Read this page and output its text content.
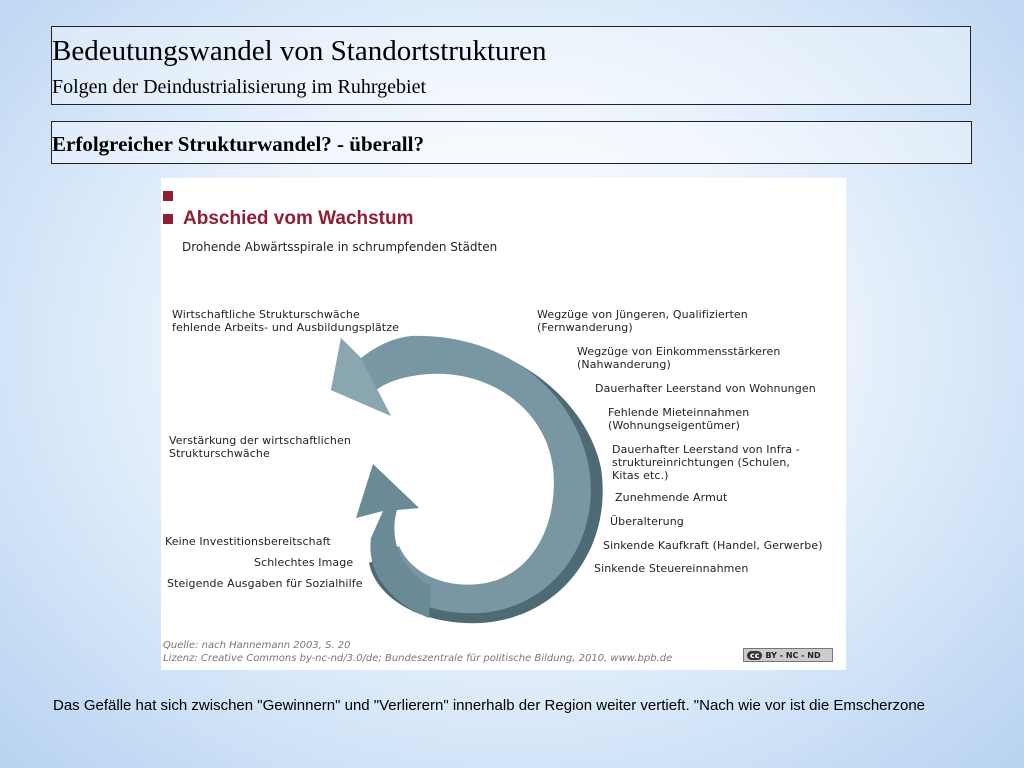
Bedeutungswandel von Standortstrukturen
Folgen der Deindustrialisierung im Ruhrgebiet
Erfolgreicher Strukturwandel? - überall?
Abschied vom Wachstum
Drohende Abwärtsspirale in schrumpfenden Städten
Wirtschaftliche Strukturschwäche
fehlende Arbeits- und Ausbildungsplätze
Verstärkung der wirtschaftlichen
Strukturschwäche
Keine Investitionsbereitschaft
Schlechtes Image
Steigende Ausgaben für Sozialhilfe
Wegzüge von Jüngeren, Qualifizierten
(Fernwanderung)
Wegzüge von Einkommensstärkeren
(Nahwanderung)
Dauerhafter Leerstand von Wohnungen
Fehlende Mieteinnahmen
(Wohnungseigentümer)
Dauerhafter Leerstand von Infra -
struktureinrichtungen (Schulen,
Kitas etc.)
Zunehmende Armut
Überalterung
Sinkende Kaufkraft (Handel, Gerwerbe)
Sinkende Steuereinnahmen
Quelle: nach Hannemann 2003, S. 20
Lizenz: Creative Commons by-nc-nd/3.0/de; Bundeszentrale für politische Bildung, 2010, www.bpb.de	cc BY - NC - ND
Das Gefälle hat sich zwischen "Gewinnern" und "Verlierern" innerhalb der Region weiter vertieft. "Nach wie vor ist die Emscherzone
